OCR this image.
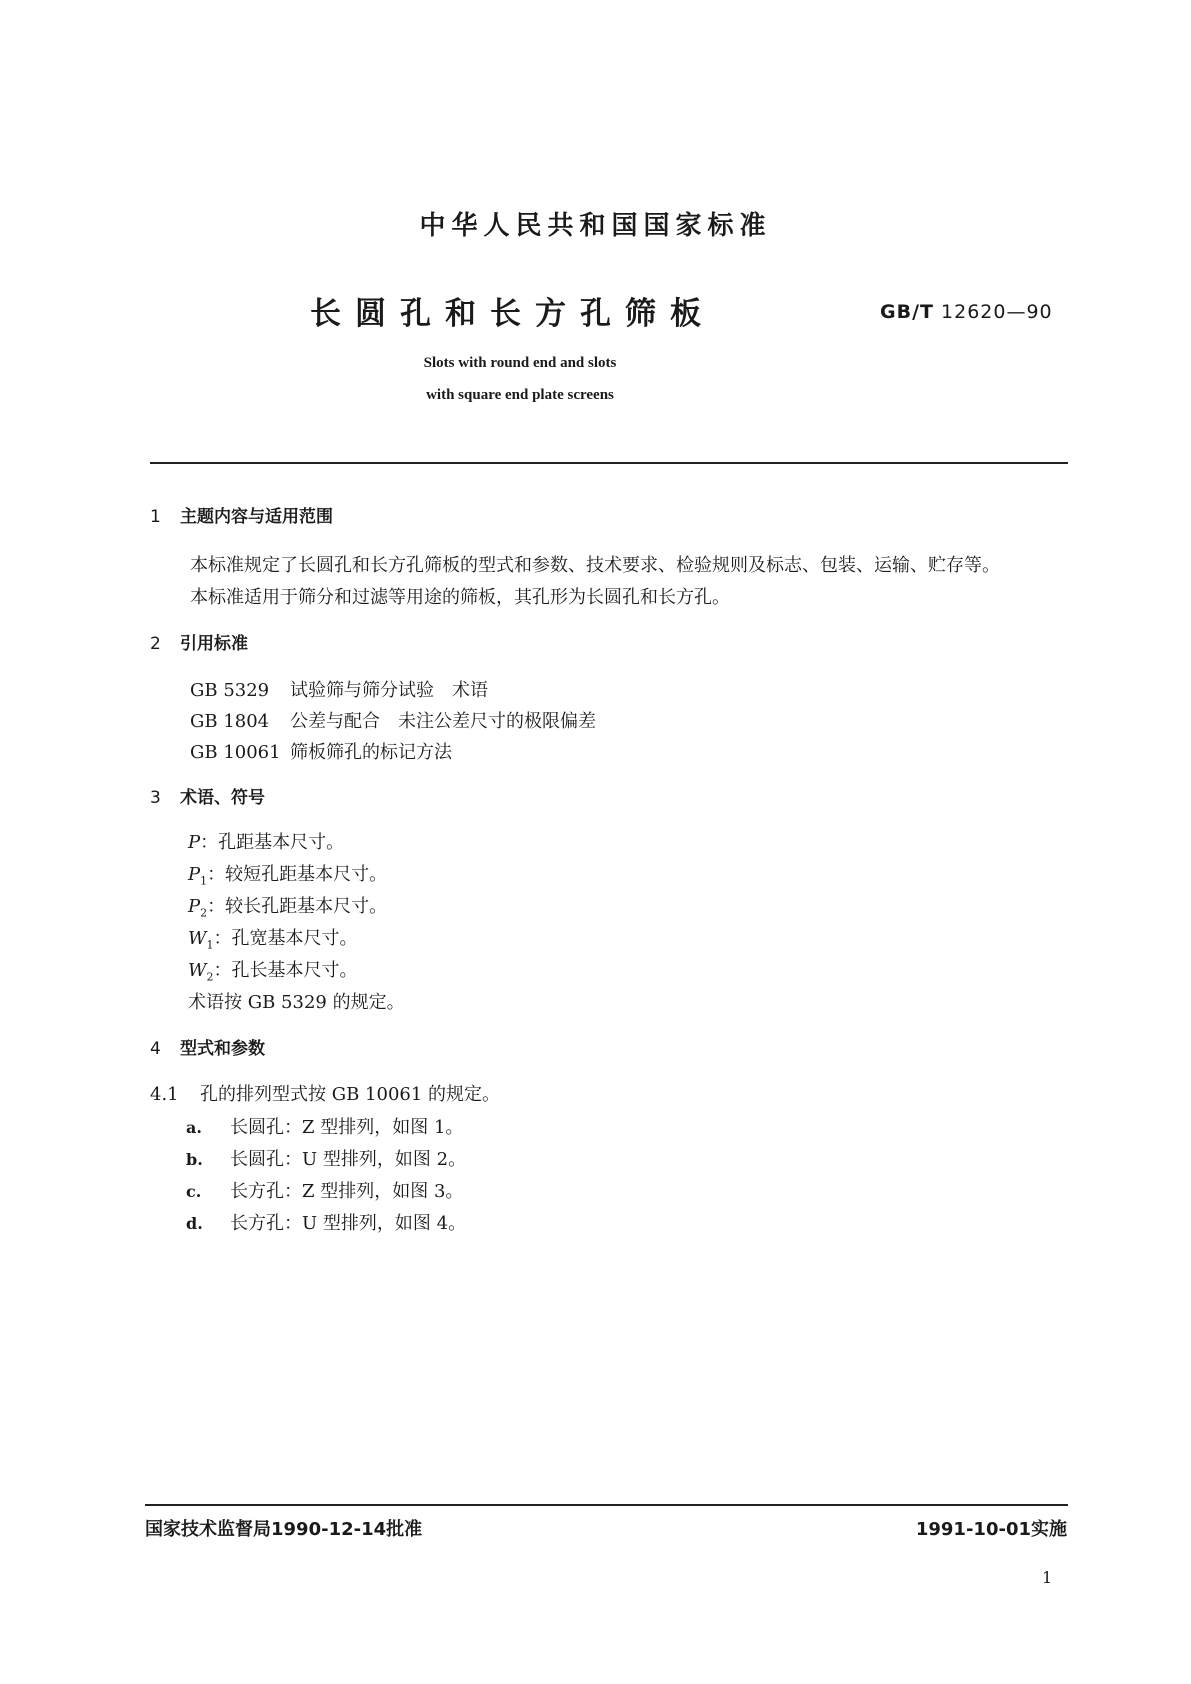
中华人民共和国国家标准
长圆孔和长方孔筛板	GB/T 12620—90
Slots with round end and slots
with square end plate screens
1 主题内容与适用范围
本标准规定了长圆孔和长方孔筛板的型式和参数、技术要求、检验规则及标志、包装、运输、贮存等。
本标准适用于筛分和过滤等用途的筛板，其孔形为长圆孔和长方孔。
2 引用标准
GB 5329 试验筛与筛分试验　术语
GB 1804 公差与配合　未注公差尺寸的极限偏差
GB 10061 筛板筛孔的标记方法
3 术语、符号
P：孔距基本尺寸。
$P_1$：较短孔距基本尺寸。
$P_2$：较长孔距基本尺寸。
$W_1$：孔宽基本尺寸。
$W_2$：孔长基本尺寸。
术语按 GB 5329 的规定。
4 型式和参数
4.1 孔的排列型式按 GB 10061 的规定。
a. 长圆孔：Z 型排列，如图 1。
b. 长圆孔：U 型排列，如图 2。
c. 长方孔：Z 型排列，如图 3。
d. 长方孔：U 型排列，如图 4。
国家技术监督局1990-12-14批准	1991-10-01实施
1
